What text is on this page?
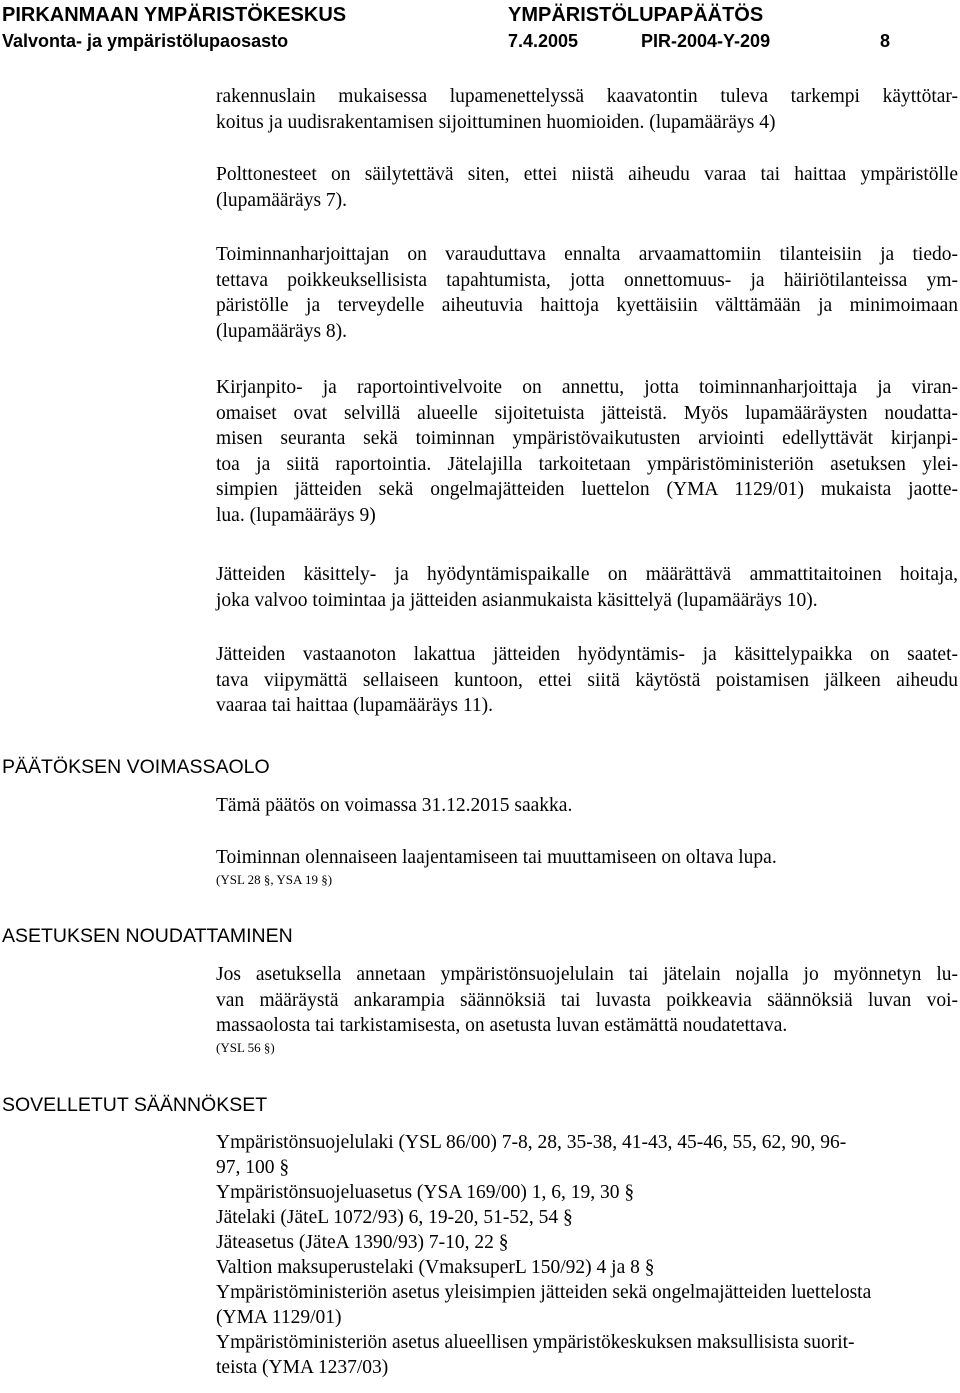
PIRKANMAAN YMPÄRISTÖKESKUS	YMPÄRISTÖLUPAPÄÄTÖS
Valvonta- ja ympäristölupaosasto	7.4.2005	PIR-2004-Y-209	8
rakennuslain mukaisessa lupamenettelyssä kaavatontin tuleva tarkempi käyttötar-
koitus ja uudisrakentamisen sijoittuminen huomioiden. (lupamääräys 4)
Polttonesteet on säilytettävä siten, ettei niistä aiheudu varaa tai haittaa ympäristölle
(lupamääräys 7).
Toiminnanharjoittajan on varauduttava ennalta arvaamattomiin tilanteisiin ja tiedo-
tettava poikkeuksellisista tapahtumista, jotta onnettomuus- ja häiriötilanteissa ym-
päristölle ja terveydelle aiheutuvia haittoja kyettäisiin välttämään ja minimoimaan
(lupamääräys 8).
Kirjanpito- ja raportointivelvoite on annettu, jotta toiminnanharjoittaja ja viran-
omaiset ovat selvillä alueelle sijoitetuista jätteistä. Myös lupamääräysten noudatta-
misen seuranta sekä toiminnan ympäristövaikutusten arviointi edellyttävät kirjanpi-
toa ja siitä raportointia. Jätelajilla tarkoitetaan ympäristöministeriön asetuksen ylei-
simpien jätteiden sekä ongelmajätteiden luettelon (YMA 1129/01) mukaista jaotte-
lua. (lupamääräys 9)
Jätteiden käsittely- ja hyödyntämispaikalle on määrättävä ammattitaitoinen hoitaja,
joka valvoo toimintaa ja jätteiden asianmukaista käsittelyä (lupamääräys 10).
Jätteiden vastaanoton lakattua jätteiden hyödyntämis- ja käsittelypaikka on saatet-
tava viipymättä sellaiseen kuntoon, ettei siitä käytöstä poistamisen jälkeen aiheudu
vaaraa tai haittaa (lupamääräys 11).
PÄÄTÖKSEN VOIMASSAOLO
Tämä päätös on voimassa 31.12.2015 saakka.
Toiminnan olennaiseen laajentamiseen tai muuttamiseen on oltava lupa.
(YSL 28 §, YSA 19 §)
ASETUKSEN NOUDATTAMINEN
Jos asetuksella annetaan ympäristönsuojelulain tai jätelain nojalla jo myönnetyn lu-
van määräystä ankarampia säännöksiä tai luvasta poikkeavia säännöksiä luvan voi-
massaolosta tai tarkistamisesta, on asetusta luvan estämättä noudatettava.
(YSL 56 §)
SOVELLETUT SÄÄNNÖKSET
Ympäristönsuojelulaki (YSL 86/00) 7-8, 28, 35-38, 41-43, 45-46, 55, 62, 90, 96-
97, 100 §
Ympäristönsuojeluasetus (YSA 169/00) 1, 6, 19, 30 §
Jätelaki (JäteL 1072/93) 6, 19-20, 51-52, 54 §
Jäteasetus (JäteA 1390/93) 7-10, 22 §
Valtion maksuperustelaki (VmaksuperL 150/92) 4 ja 8 §
Ympäristöministeriön asetus yleisimpien jätteiden sekä ongelmajätteiden luettelosta
(YMA 1129/01)
Ympäristöministeriön asetus alueellisen ympäristökeskuksen maksullisista suorit-
teista (YMA 1237/03)
